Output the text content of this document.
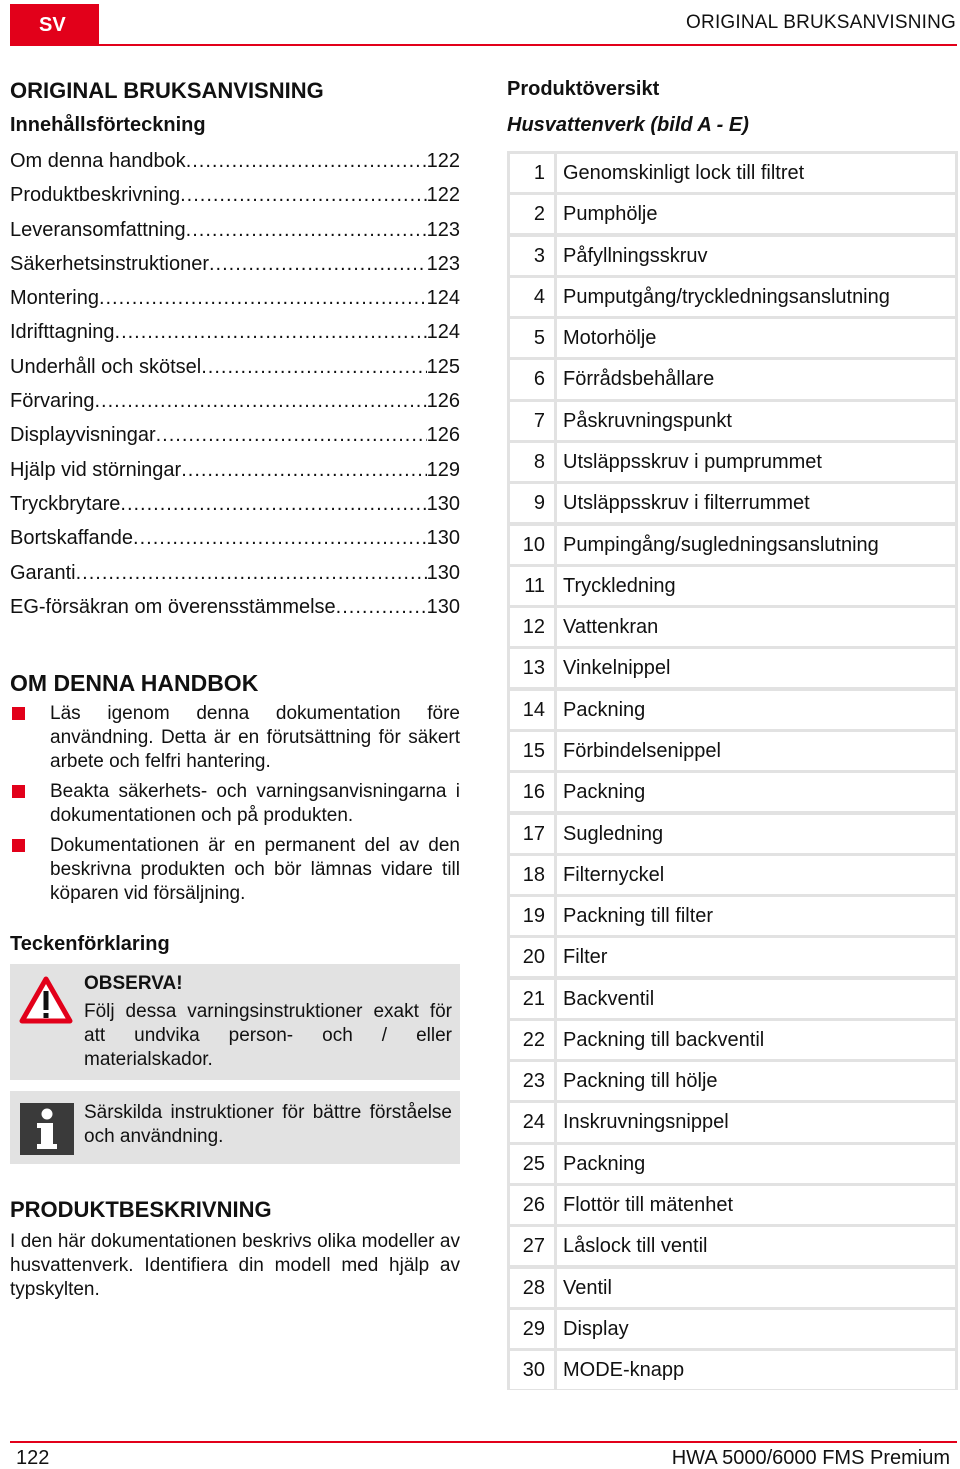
SV	ORIGINAL BRUKSANVISNING
ORIGINAL BRUKSANVISNING
Innehållsförteckning
Om denna handbok .....	122
Produktbeskrivning .....	122
Leveransomfattning .....	123
Säkerhetsinstruktioner .....	123
Montering .....	124
Idrifttagning .....	124
Underhåll och skötsel .....	125
Förvaring .....	126
Displayvisningar .....	126
Hjälp vid störningar .....	129
Tryckbrytare .....	130
Bortskaffande .....	130
Garanti .....	130
EG-försäkran om överensstämmelse .....	130
OM DENNA HANDBOK
Läs igenom denna dokumentation före användning. Detta är en förutsättning för säkert arbete och felfri hantering.
Beakta säkerhets- och varningsanvisningarna i dokumentationen och på produkten.
Dokumentationen är en permanent del av den beskrivna produkten och bör lämnas vidare till köparen vid försäljning.
Teckenförklaring
OBSERVA!
Följ dessa varningsinstruktioner exakt för att undvika person- och / eller materialskador.
Särskilda instruktioner för bättre förståelse och användning.
PRODUKTBESKRIVNING
I den här dokumentationen beskrivs olika modeller av husvattenverk. Identifiera din modell med hjälp av typskylten.
Produktöversikt
Husvattenverk (bild A - E)
1 Genomskinligt lock till filtret
2 Pumphölje
3 Påfyllningsskruv
4 Pumputgång/tryckledningsanslutning
5 Motorhölje
6 Förrådsbehållare
7 Påskruvningspunkt
8 Utsläppsskruv i pumprummet
9 Utsläppsskruv i filterrummet
10 Pumpingång/sugledningsanslutning
11 Tryckledning
12 Vattenkran
13 Vinkelnippel
14 Packning
15 Förbindelsenippel
16 Packning
17 Sugledning
18 Filternyckel
19 Packning till filter
20 Filter
21 Backventil
22 Packning till backventil
23 Packning till hölje
24 Inskruvningsnippel
25 Packning
26 Flottör till mätenhet
27 Låslock till ventil
28 Ventil
29 Display
30 MODE-knapp
122	HWA 5000/6000 FMS Premium
